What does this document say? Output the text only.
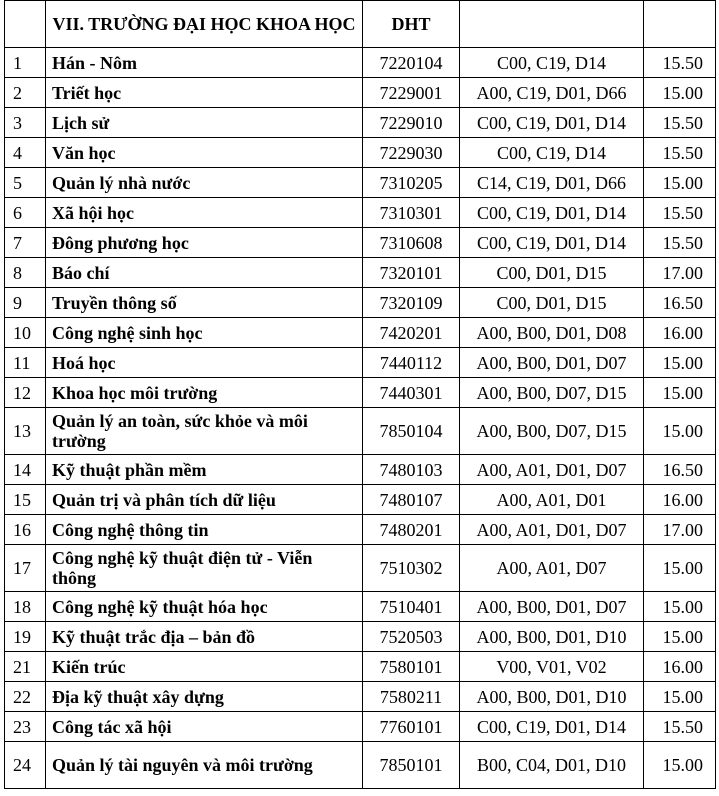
	VII. TRƯỜNG ĐẠI HỌC KHOA HỌC	DHT		
1	Hán - Nôm	7220104	C00, C19, D14	15.50
2	Triết học	7229001	A00, C19, D01, D66	15.00
3	Lịch sử	7229010	C00, C19, D01, D14	15.50
4	Văn học	7229030	C00, C19, D14	15.50
5	Quản lý nhà nước	7310205	C14, C19, D01, D66	15.00
6	Xã hội học	7310301	C00, C19, D01, D14	15.50
7	Đông phương học	7310608	C00, C19, D01, D14	15.50
8	Báo chí	7320101	C00, D01, D15	17.00
9	Truyền thông số	7320109	C00, D01, D15	16.50
10	Công nghệ sinh học	7420201	A00, B00, D01, D08	16.00
11	Hoá học	7440112	A00, B00, D01, D07	15.00
12	Khoa học môi trường	7440301	A00, B00, D07, D15	15.00
13	Quản lý an toàn, sức khỏe và môi trường	7850104	A00, B00, D07, D15	15.00
14	Kỹ thuật phần mềm	7480103	A00, A01, D01, D07	16.50
15	Quản trị và phân tích dữ liệu	7480107	A00, A01, D01	16.00
16	Công nghệ thông tin	7480201	A00, A01, D01, D07	17.00
17	Công nghệ kỹ thuật điện tử - Viễn thông	7510302	A00, A01, D07	15.00
18	Công nghệ kỹ thuật hóa học	7510401	A00, B00, D01, D07	15.00
19	Kỹ thuật trắc địa – bản đồ	7520503	A00, B00, D01, D10	15.00
21	Kiến trúc	7580101	V00, V01, V02	16.00
22	Địa kỹ thuật xây dựng	7580211	A00, B00, D01, D10	15.00
23	Công tác xã hội	7760101	C00, C19, D01, D14	15.50
24	Quản lý tài nguyên và môi trường	7850101	B00, C04, D01, D10	15.00
